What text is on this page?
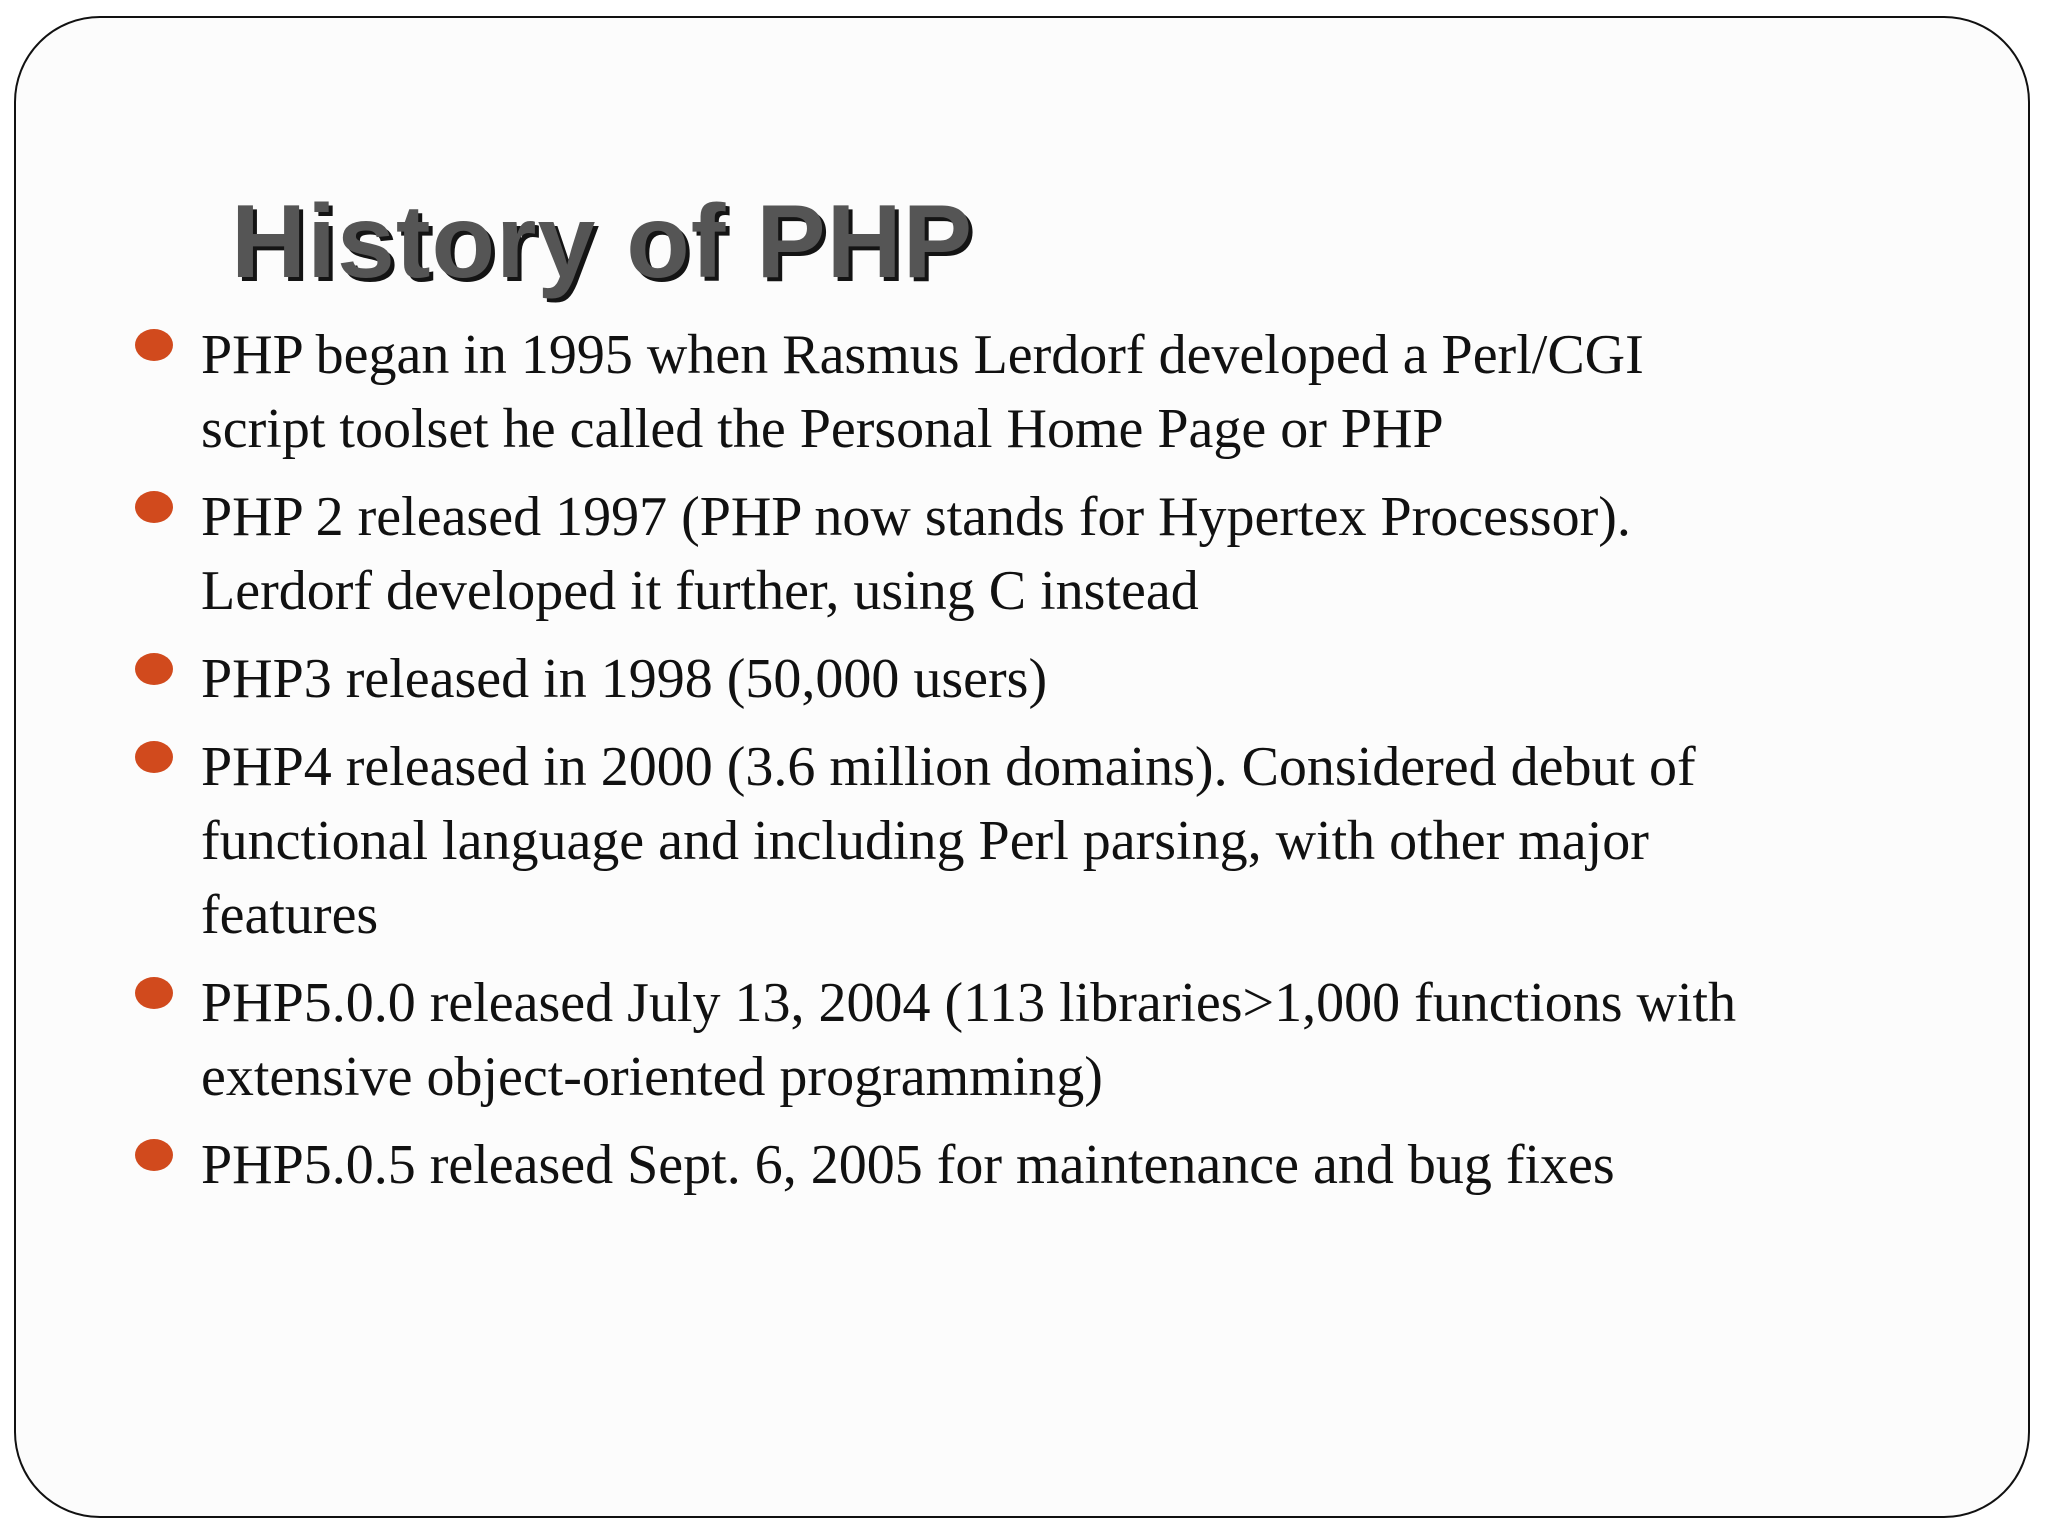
History of PHP
PHP began in 1995 when Rasmus Lerdorf developed a Perl/CGI
script toolset he called the Personal Home Page or PHP
PHP 2 released 1997 (PHP now stands for Hypertex Processor).
Lerdorf developed it further, using C instead
PHP3 released in 1998 (50,000 users)
PHP4 released in 2000 (3.6 million domains). Considered debut of
functional language and including Perl parsing, with other major
features
PHP5.0.0 released July 13, 2004 (113 libraries>1,000 functions with
extensive object-oriented programming)
PHP5.0.5 released Sept. 6, 2005 for maintenance and bug fixes
